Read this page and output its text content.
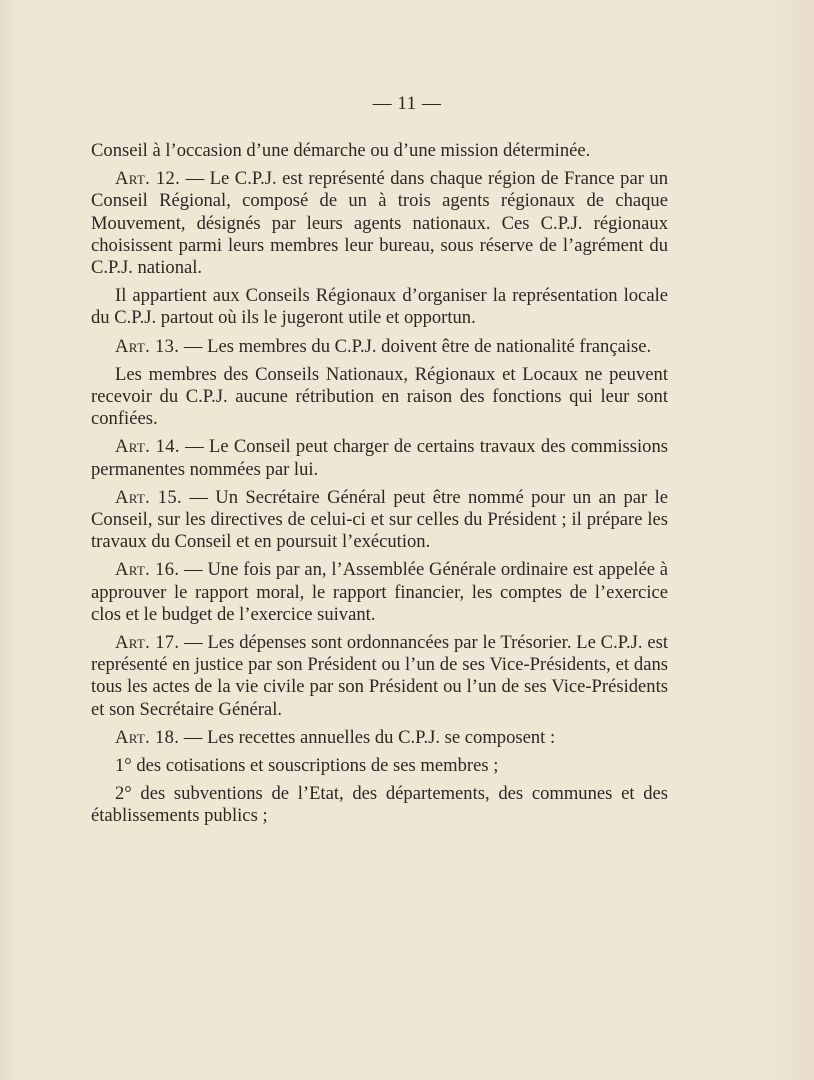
— 11 —

Conseil à l’occasion d’une démarche ou d’une mission déterminée.

Art. 12. — Le C.P.J. est représenté dans chaque région de France par un Conseil Régional, composé de un à trois agents régionaux de chaque Mouvement, désignés par leurs agents nationaux. Ces C.P.J. régionaux choisissent parmi leurs membres leur bureau, sous réserve de l’agrément du C.P.J. national.

Il appartient aux Conseils Régionaux d’organiser la représentation locale du C.P.J. partout où ils le jugeront utile et opportun.

Art. 13. — Les membres du C.P.J. doivent être de nationalité française.

Les membres des Conseils Nationaux, Régionaux et Locaux ne peuvent recevoir du C.P.J. aucune rétribution en raison des fonctions qui leur sont confiées.

Art. 14. — Le Conseil peut charger de certains travaux des commissions permanentes nommées par lui.

Art. 15. — Un Secrétaire Général peut être nommé pour un an par le Conseil, sur les directives de celui-ci et sur celles du Président ; il prépare les travaux du Conseil et en poursuit l’exécution.

Art. 16. — Une fois par an, l’Assemblée Générale ordinaire est appelée à approuver le rapport moral, le rapport financier, les comptes de l’exercice clos et le budget de l’exercice suivant.

Art. 17. — Les dépenses sont ordonnancées par le Trésorier. Le C.P.J. est représenté en justice par son Président ou l’un de ses Vice-Présidents, et dans tous les actes de la vie civile par son Président ou l’un de ses Vice-Présidents et son Secrétaire Général.

Art. 18. — Les recettes annuelles du C.P.J. se composent :

1° des cotisations et souscriptions de ses membres ;

2° des subventions de l’Etat, des départements, des communes et des établissements publics ;
